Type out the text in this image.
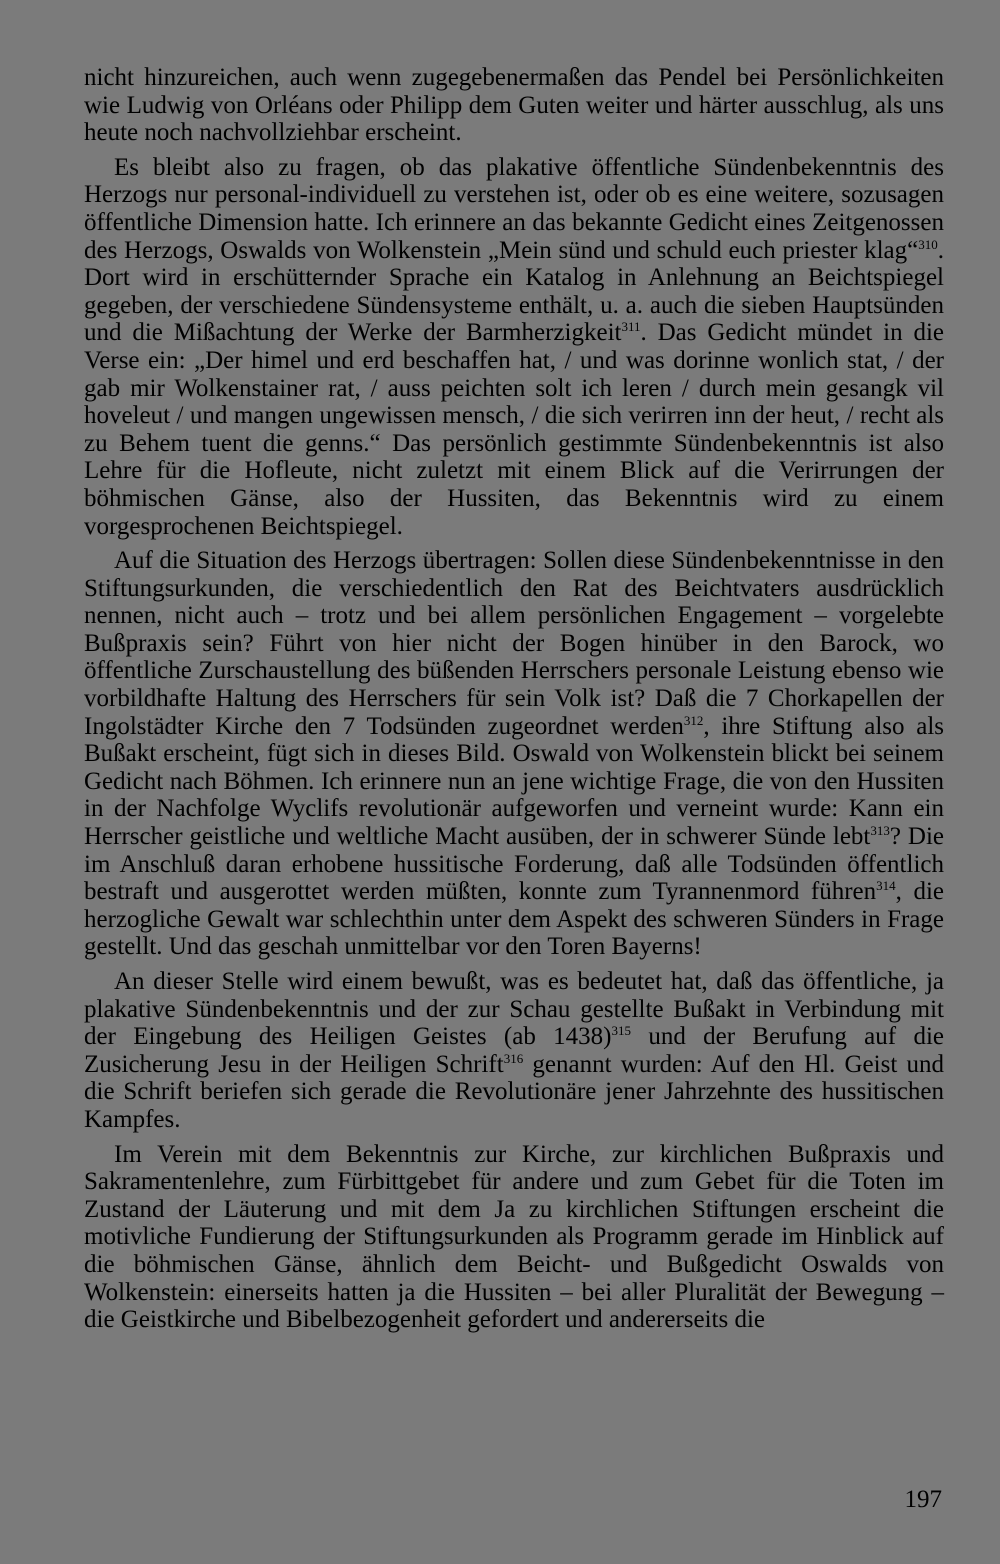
nicht hinzureichen, auch wenn zugegebenermaßen das Pendel bei Persönlichkeiten wie Ludwig von Orléans oder Philipp dem Guten weiter und härter ausschlug, als uns heute noch nachvollziehbar erscheint.

Es bleibt also zu fragen, ob das plakative öffentliche Sündenbekenntnis des Herzogs nur personal-individuell zu verstehen ist, oder ob es eine weitere, sozusagen öffentliche Dimension hatte. Ich erinnere an das bekannte Gedicht eines Zeitgenossen des Herzogs, Oswalds von Wolkenstein „Mein sünd und schuld euch priester klag“$^{310}$. Dort wird in erschütternder Sprache ein Katalog in Anlehnung an Beichtspiegel gegeben, der verschiedene Sündensysteme enthält, u. a. auch die sieben Hauptsünden und die Mißachtung der Werke der Barmherzigkeit$^{311}$. Das Gedicht mündet in die Verse ein: „Der himel und erd beschaffen hat, / und was dorinne wonlich stat, / der gab mir Wolkenstainer rat, / auss peichten solt ich leren / durch mein gesangk vil hoveleut / und mangen ungewissen mensch, / die sich verirren inn der heut, / recht als zu Behem tuent die genns.“ Das persönlich gestimmte Sündenbekenntnis ist also Lehre für die Hofleute, nicht zuletzt mit einem Blick auf die Verirrungen der böhmischen Gänse, also der Hussiten, das Bekenntnis wird zu einem vorgesprochenen Beichtspiegel.

Auf die Situation des Herzogs übertragen: Sollen diese Sündenbekenntnisse in den Stiftungsurkunden, die verschiedentlich den Rat des Beichtvaters ausdrücklich nennen, nicht auch – trotz und bei allem persönlichen Engagement – vorgelebte Bußpraxis sein? Führt von hier nicht der Bogen hinüber in den Barock, wo öffentliche Zurschaustellung des büßenden Herrschers personale Leistung ebenso wie vorbildhafte Haltung des Herrschers für sein Volk ist? Daß die 7 Chorkapellen der Ingolstädter Kirche den 7 Todsünden zugeordnet werden$^{312}$, ihre Stiftung also als Bußakt erscheint, fügt sich in dieses Bild. Oswald von Wolkenstein blickt bei seinem Gedicht nach Böhmen. Ich erinnere nun an jene wichtige Frage, die von den Hussiten in der Nachfolge Wyclifs revolutionär aufgeworfen und verneint wurde: Kann ein Herrscher geistliche und weltliche Macht ausüben, der in schwerer Sünde lebt$^{313}$? Die im Anschluß daran erhobene hussitische Forderung, daß alle Todsünden öffentlich bestraft und ausgerottet werden müßten, konnte zum Tyrannenmord führen$^{314}$, die herzogliche Gewalt war schlechthin unter dem Aspekt des schweren Sünders in Frage gestellt. Und das geschah unmittelbar vor den Toren Bayerns!

An dieser Stelle wird einem bewußt, was es bedeutet hat, daß das öffentliche, ja plakative Sündenbekenntnis und der zur Schau gestellte Bußakt in Verbindung mit der Eingebung des Heiligen Geistes (ab 1438)$^{315}$ und der Berufung auf die Zusicherung Jesu in der Heiligen Schrift$^{316}$ genannt wurden: Auf den Hl. Geist und die Schrift beriefen sich gerade die Revolutionäre jener Jahrzehnte des hussitischen Kampfes.

Im Verein mit dem Bekenntnis zur Kirche, zur kirchlichen Bußpraxis und Sakramentenlehre, zum Fürbittgebet für andere und zum Gebet für die Toten im Zustand der Läuterung und mit dem Ja zu kirchlichen Stiftungen erscheint die motivliche Fundierung der Stiftungsurkunden als Programm gerade im Hinblick auf die böhmischen Gänse, ähnlich dem Beicht- und Bußgedicht Oswalds von Wolkenstein: einerseits hatten ja die Hussiten – bei aller Pluralität der Bewegung – die Geistkirche und Bibelbezogenheit gefordert und andererseits die

197
